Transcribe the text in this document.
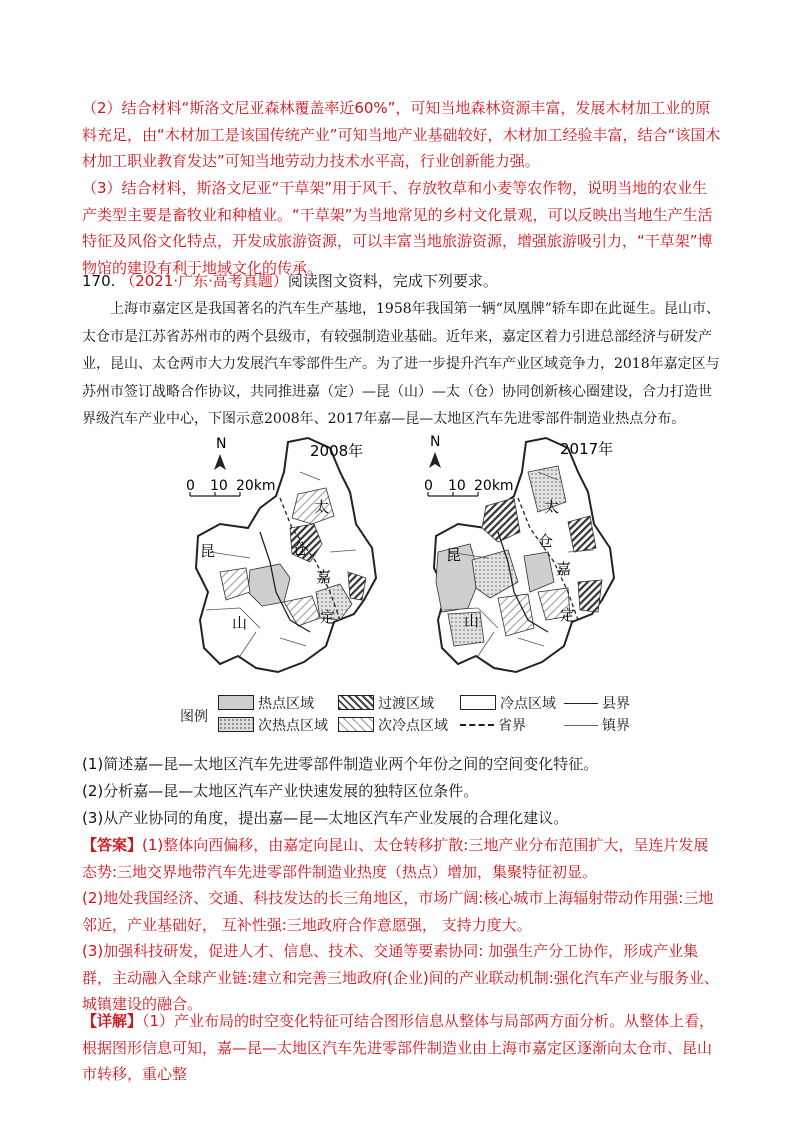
（2）结合材料“斯洛文尼亚森林覆盖率近60%”，可知当地森林资源丰富，发展木材加工业的原料充足，由“木材加工是该国传统产业”可知当地产业基础较好，木材加工经验丰富，结合“该国木材加工职业教育发达”可知当地劳动力技术水平高，行业创新能力强。

（3）结合材料，斯洛文尼亚“干草架”用于风干、存放牧草和小麦等农作物，说明当地的农业生产类型主要是畜牧业和种植业。“干草架”为当地常见的乡村文化景观，可以反映出当地生产生活特征及风俗文化特点，开发成旅游资源，可以丰富当地旅游资源，增强旅游吸引力，“干草架”博物馆的建设有利于地域文化的传承。

170. （2021·广东·高考真题）阅读图文资料，完成下列要求。

上海市嘉定区是我国著名的汽车生产基地，1958年我国第一辆“凤凰牌”轿车即在此诞生。昆山市、太仓市是江苏省苏州市的两个县级市，有较强制造业基础。近年来，嘉定区着力引进总部经济与研发产业，昆山、太仓两市大力发展汽车零部件生产。为了进一步提升汽车产业区域竞争力，2018年嘉定区与苏州市签订战略合作协议，共同推进嘉（定）—昆（山）—太（仓）协同创新核心圈建设，合力打造世界级汽车产业中心，下图示意2008年、2017年嘉—昆—太地区汽车先进零部件制造业热点分布。

N
0 10 20km
2008年	N
0 10 20km
2017年
太
仓
嘉
定
昆
山
太
仓
嘉
定
昆
山
图例
热点区域	过渡区域	冷点区域	县界
次热点区域	次冷点区域	省界	镇界

(1)简述嘉—昆—太地区汽车先进零部件制造业两个年份之间的空间变化特征。

(2)分析嘉—昆—太地区汽车产业快速发展的独特区位条件。

(3)从产业协同的角度，提出嘉—昆—太地区汽车产业发展的合理化建议。

【答案】(1)整体向西偏移，由嘉定向昆山、太仓转移扩散:三地产业分布范围扩大，呈连片发展态势:三地交界地带汽车先进零部件制造业热度（热点）增加，集聚特征初显。

(2)地处我国经济、交通、科技发达的长三角地区，市场广阔:核心城市上海辐射带动作用强:三地邻近，产业基础好， 互补性强:三地政府合作意愿强， 支持力度大。

(3)加强科技研发，促进人才、信息、技术、交通等要素协同: 加强生产分工协作，形成产业集群，主动融入全球产业链:建立和完善三地政府(企业)间的产业联动机制:强化汽车产业与服务业、城镇建设的融合。

【详解】（1）产业布局的时空变化特征可结合图形信息从整体与局部两方面分析。从整体上看，根据图形信息可知，嘉—昆—太地区汽车先进零部件制造业由上海市嘉定区逐渐向太仓市、昆山市转移，重心整
